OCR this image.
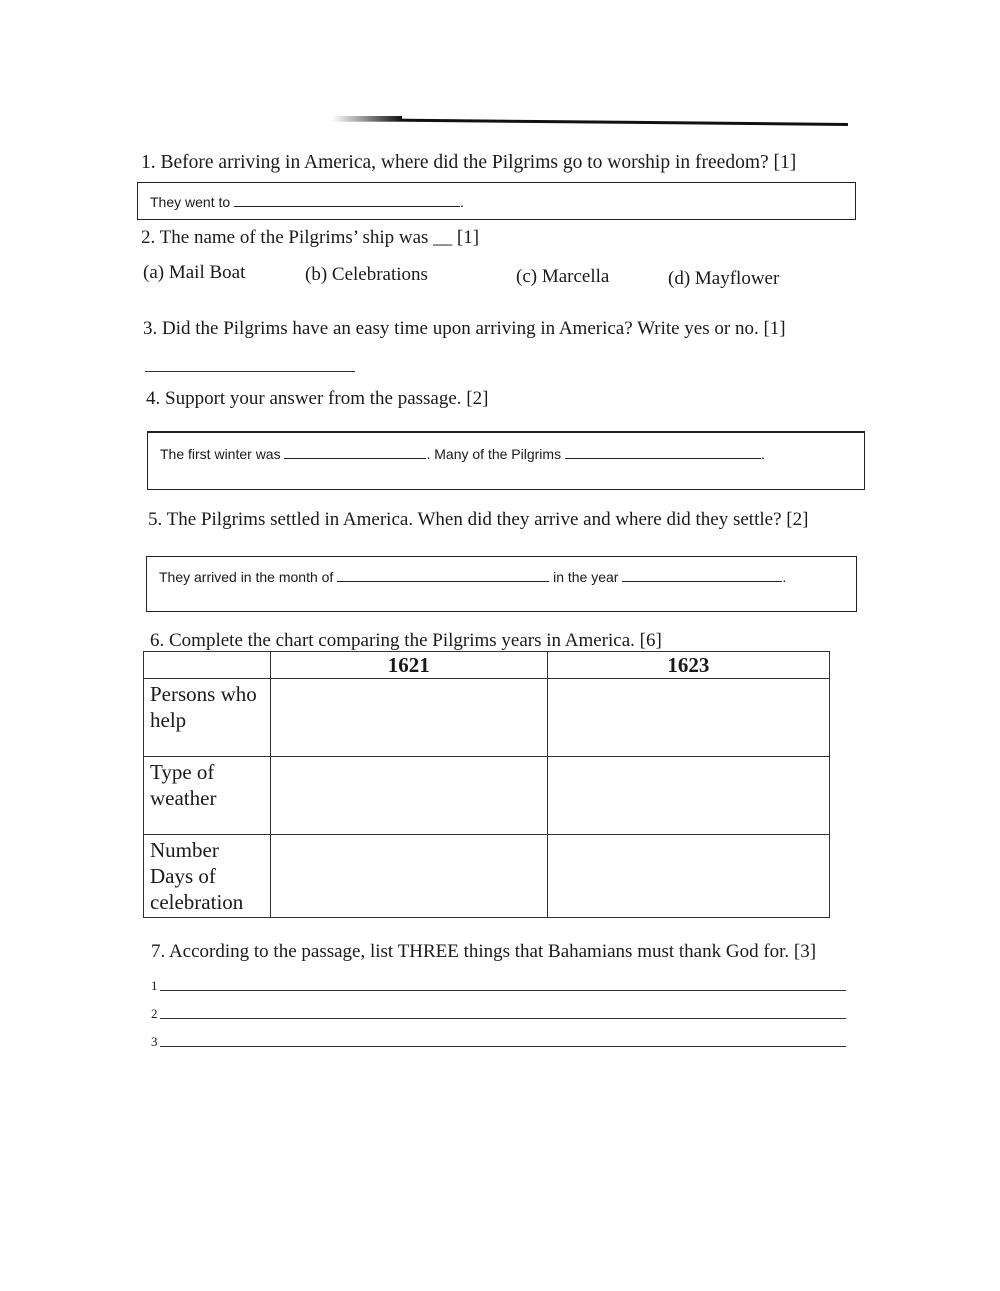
1. Before arriving in America, where did the Pilgrims go to worship in freedom? [1]
They went to	.
2. The name of the Pilgrims’ ship was __ [1]
(a) Mail Boat	(b) Celebrations	(c) Marcella	(d) Mayflower
3. Did the Pilgrims have an easy time upon arriving in America? Write yes or no. [1]
4. Support your answer from the passage. [2]
The first winter was	. Many of the Pilgrims	.
5. The Pilgrims settled in America. When did they arrive and where did they settle? [2]
They arrived in the month of	in the year	.
6. Complete the chart comparing the Pilgrims years in America. [6]
	1621	1623
Persons who help		
Type of weather		
Number Days of celebration		
7. According to the passage, list THREE things that Bahamians must thank God for. [3]
1
2
3
